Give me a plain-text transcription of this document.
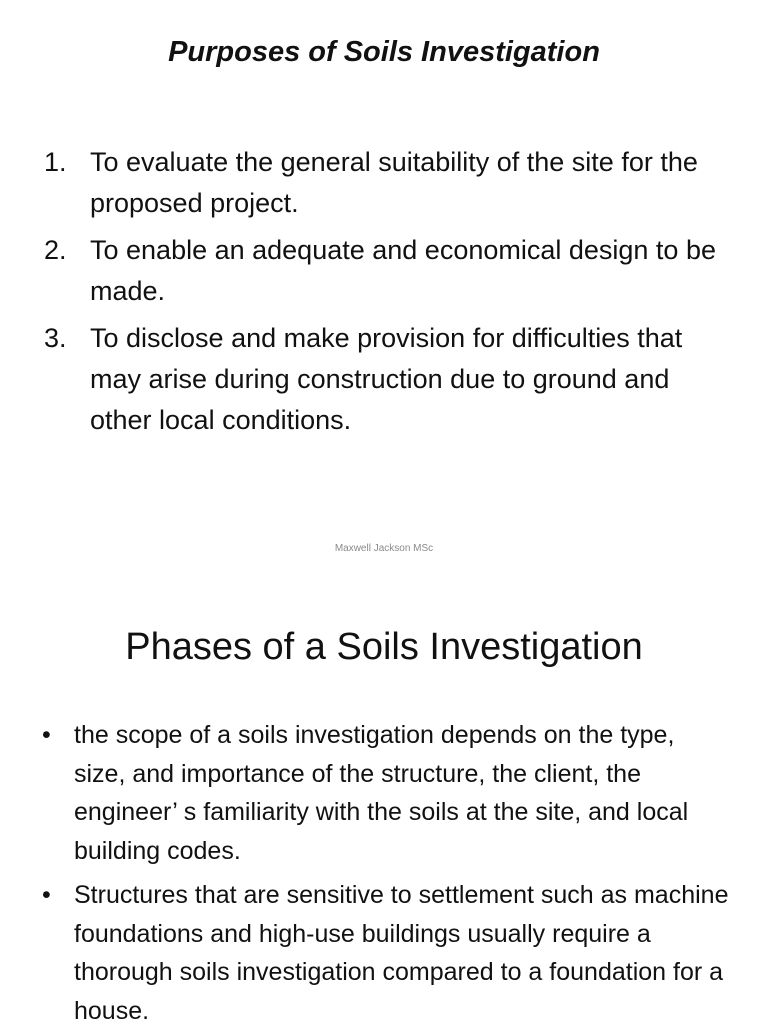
Purposes of Soils Investigation
1. To evaluate the general suitability of the site for the proposed project.
2. To enable an adequate and economical design to be made.
3. To disclose and make provision for difficulties that may arise during construction due to ground and other local conditions.
Maxwell Jackson MSc
Phases of a Soils Investigation
• the scope of a soils investigation depends on the type, size, and importance of the structure, the client, the engineer’ s familiarity with the soils at the site, and local building codes.
• Structures that are sensitive to settlement such as machine foundations and high-use buildings usually require a thorough soils investigation compared to a foundation for a house.
